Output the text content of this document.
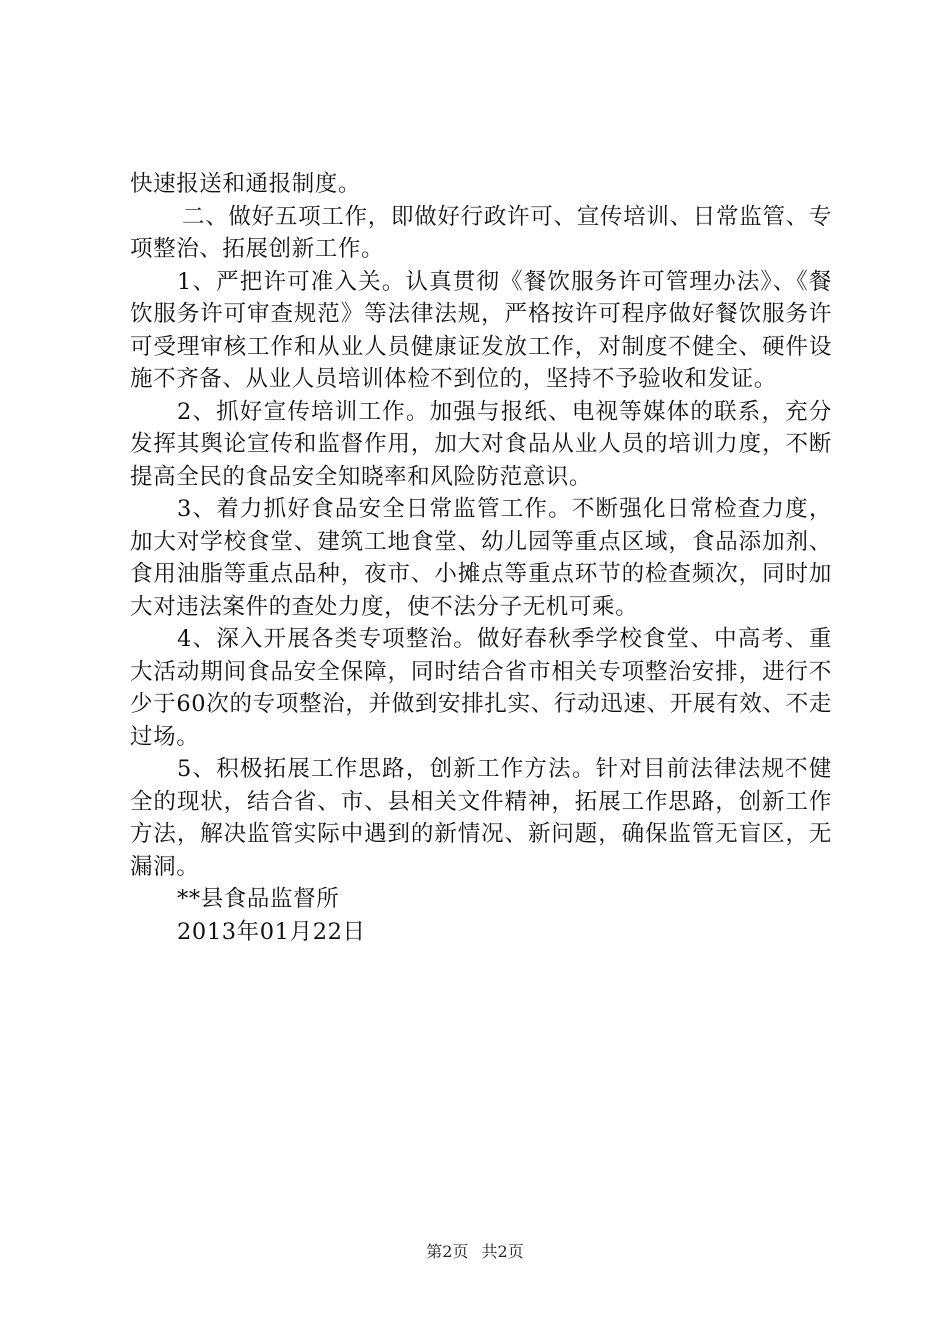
快速报送和通报制度。

二、做好五项工作，即做好行政许可、宣传培训、日常监管、专项整治、拓展创新工作。

1、严把许可准入关。认真贯彻《餐饮服务许可管理办法》、《餐饮服务许可审查规范》等法律法规，严格按许可程序做好餐饮服务许可受理审核工作和从业人员健康证发放工作，对制度不健全、硬件设施不齐备、从业人员培训体检不到位的，坚持不予验收和发证。

2、抓好宣传培训工作。加强与报纸、电视等媒体的联系，充分发挥其舆论宣传和监督作用，加大对食品从业人员的培训力度，不断提高全民的食品安全知晓率和风险防范意识。

3、着力抓好食品安全日常监管工作。不断强化日常检查力度，加大对学校食堂、建筑工地食堂、幼儿园等重点区域，食品添加剂、食用油脂等重点品种，夜市、小摊点等重点环节的检查频次，同时加大对违法案件的查处力度，使不法分子无机可乘。

4、深入开展各类专项整治。做好春秋季学校食堂、中高考、重大活动期间食品安全保障，同时结合省市相关专项整治安排，进行不少于60次的专项整治，并做到安排扎实、行动迅速、开展有效、不走过场。

5、积极拓展工作思路，创新工作方法。针对目前法律法规不健全的现状，结合省、市、县相关文件精神，拓展工作思路，创新工作方法，解决监管实际中遇到的新情况、新问题，确保监管无盲区，无漏洞。

**县食品监督所

2013年01月22日

第2页 共2页
